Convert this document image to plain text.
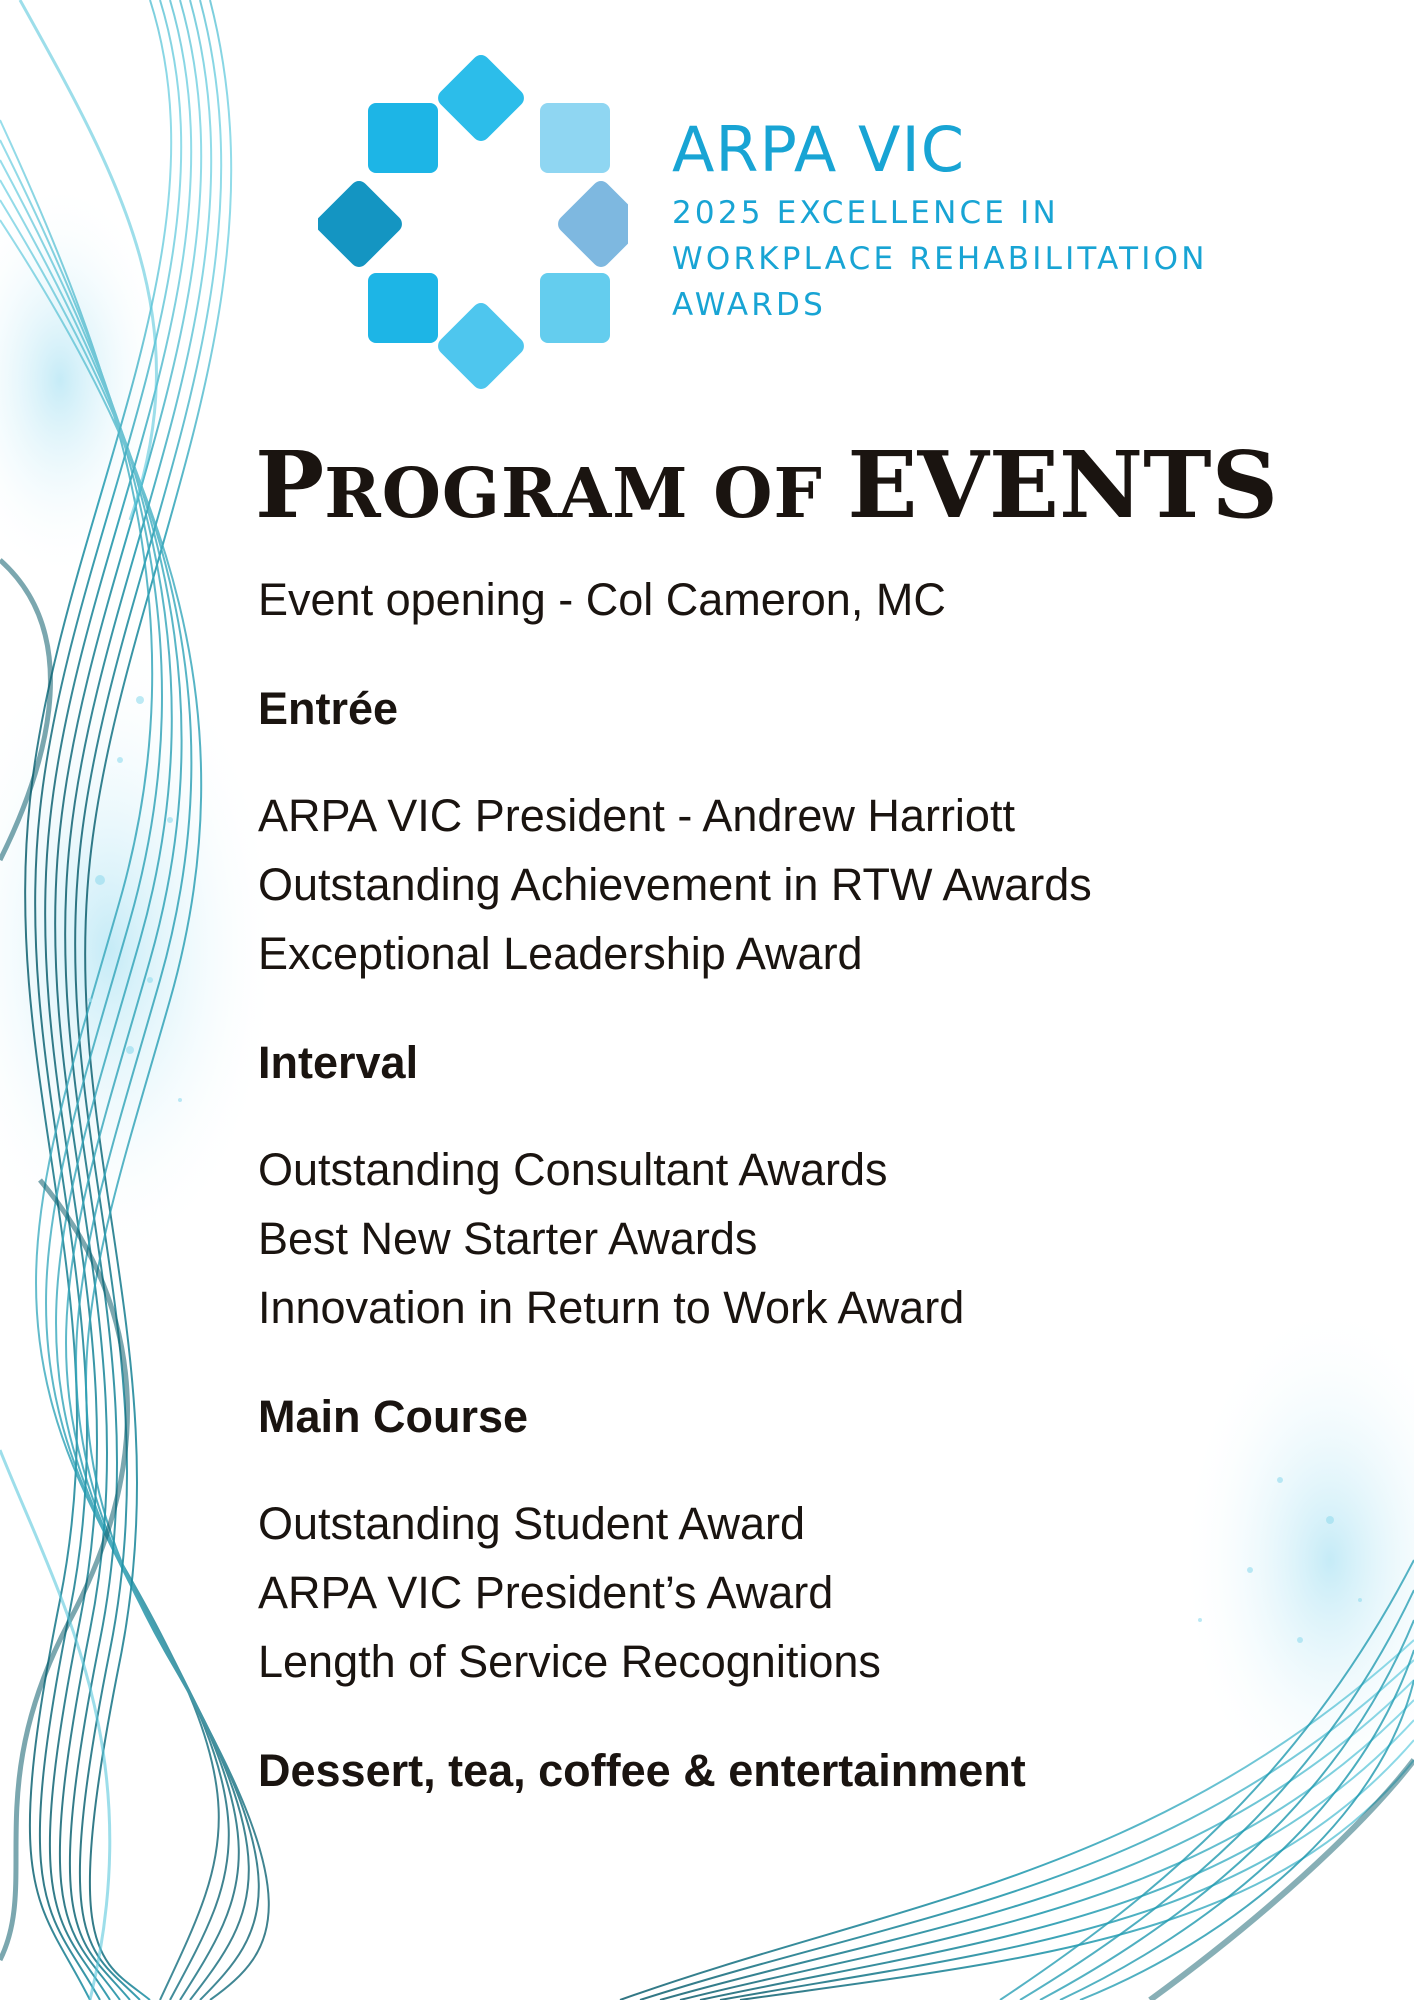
ARPA VIC
2025 EXCELLENCE IN
WORKPLACE REHABILITATION
AWARDS
PROGRAM OF EVENTS
Event opening - Col Cameron, MC
Entrée
ARPA VIC President - Andrew Harriott
Outstanding Achievement in RTW Awards
Exceptional Leadership Award
Interval
Outstanding Consultant Awards
Best New Starter Awards
Innovation in Return to Work Award
Main Course
Outstanding Student Award
ARPA VIC President’s Award
Length of Service Recognitions
Dessert, tea, coffee & entertainment
